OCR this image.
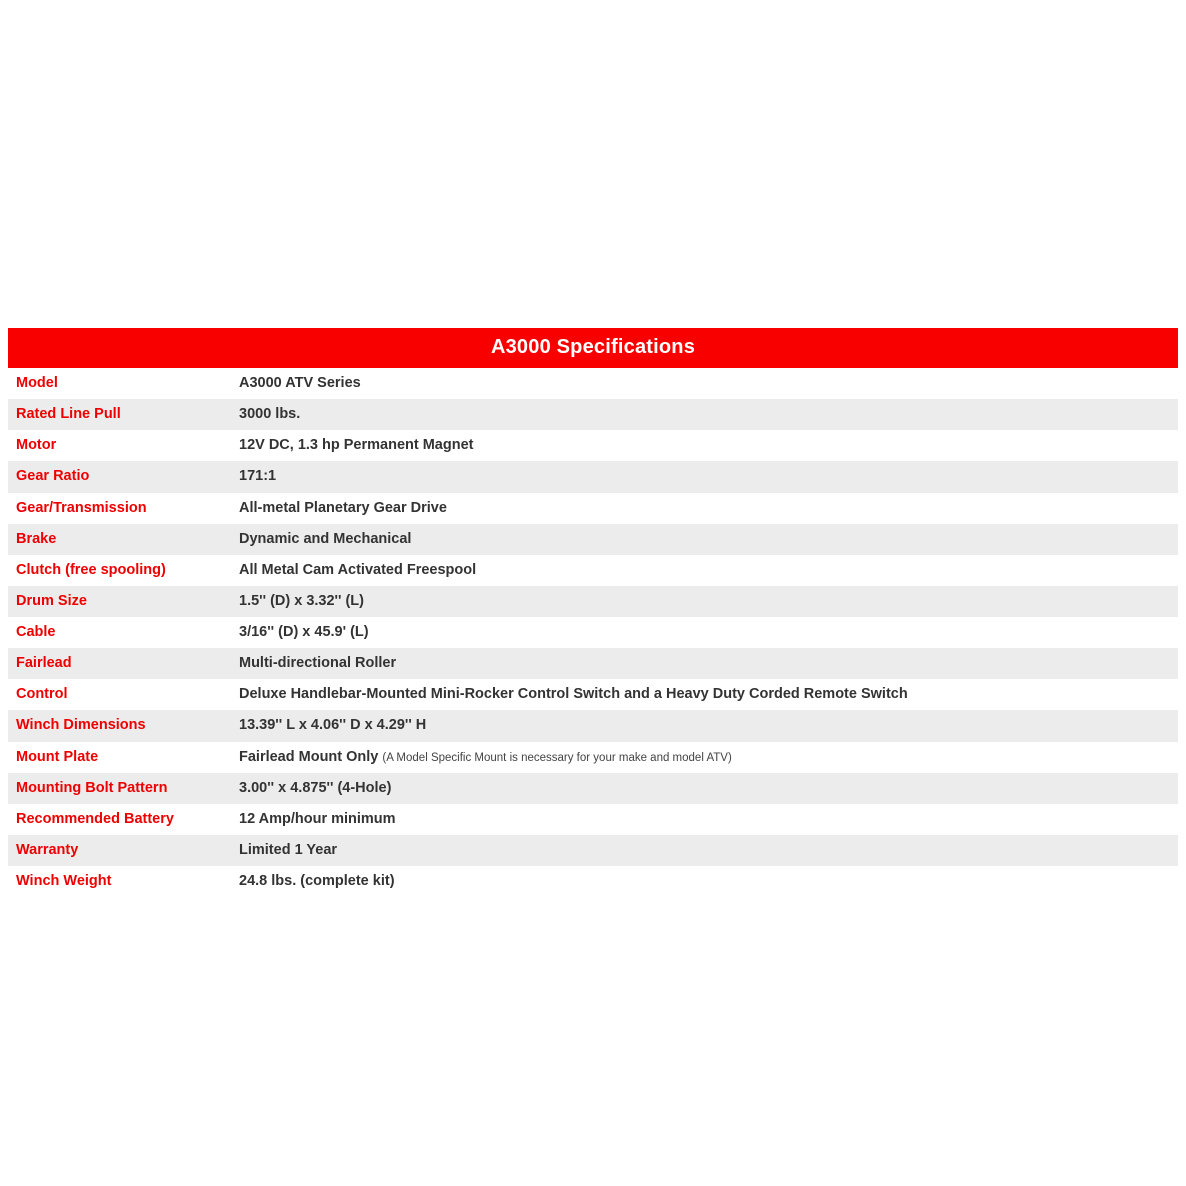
A3000 Specifications
Model	A3000 ATV Series
Rated Line Pull	3000 lbs.
Motor	12V DC, 1.3 hp Permanent Magnet
Gear Ratio	171:1
Gear/Transmission	All-metal Planetary Gear Drive
Brake	Dynamic and Mechanical
Clutch (free spooling)	All Metal Cam Activated Freespool
Drum Size	1.5'' (D) x 3.32'' (L)
Cable	3/16'' (D) x 45.9' (L)
Fairlead	Multi-directional Roller
Control	Deluxe Handlebar-Mounted Mini-Rocker Control Switch and a Heavy Duty Corded Remote Switch
Winch Dimensions	13.39'' L x 4.06'' D x 4.29'' H
Mount Plate	Fairlead Mount Only (A Model Specific Mount is necessary for your make and model ATV)
Mounting Bolt Pattern	3.00'' x 4.875'' (4-Hole)
Recommended Battery	12 Amp/hour minimum
Warranty	Limited 1 Year
Winch Weight	24.8 lbs. (complete kit)
